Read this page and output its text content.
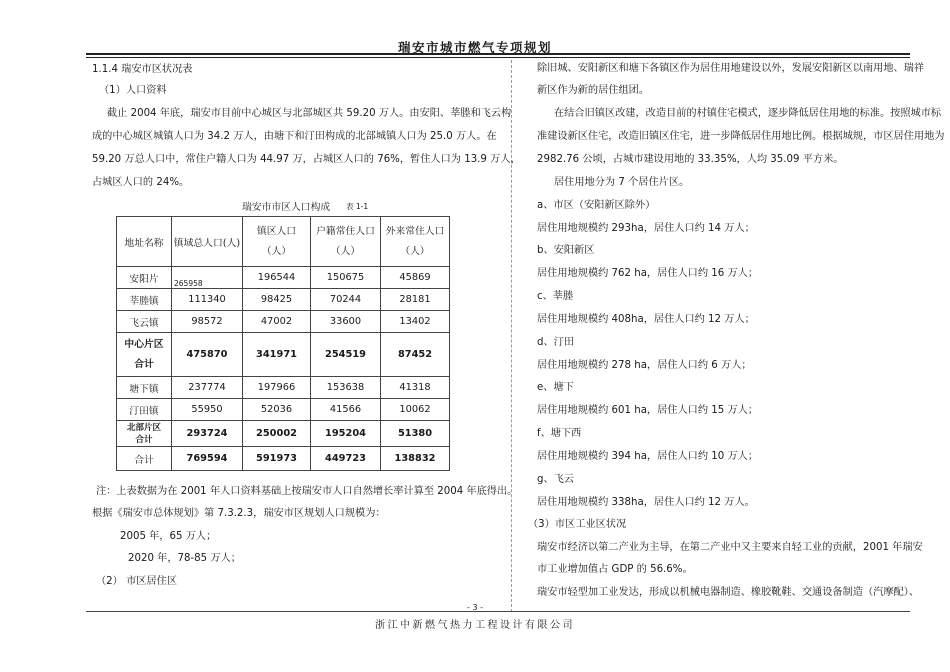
瑞安市城市燃气专项规划
1.1.4 瑞安市区状况表
（1）人口资料
截止 2004 年底，瑞安市目前中心城区与北部城区共 59.20 万人。由安阳、莘塍和飞云构
成的中心城区城镇人口为 34.2 万人，由塘下和汀田构成的北部城镇人口为 25.0 万人。在
59.20 万总人口中，常住户籍人口为 44.97 万，占城区人口的 76%，暂住人口为 13.9 万人，
占城区人口的 24%。
瑞安市市区人口构成 表 1-1
地址名称	镇域总人口(人)	镇区人口
（人）	户籍常住人口
（人）	外来常住人口
（人）

安阳片	265958	196544	150675	45869
莘塍镇	111340	98425	70244	28181
飞云镇	98572	47002	33600	13402

中心片区
合计	475870	341971	254519	87452
塘下镇	237774	197966	153638	41318
汀田镇	55950	52036	41566	10062

北部片区
合计	293724	250002	195204	51380
合计	769594	591973	449723	138832
注：上表数据为在 2001 年人口资料基础上按瑞安市人口自然增长率计算至 2004 年底得出。
根据《瑞安市总体规划》第 7.3.2.3，瑞安市区规划人口规模为：
2005 年，65 万人；
2020 年，78-85 万人；
（2） 市区居住区
除旧城、安阳新区和塘下各镇区作为居住用地建设以外，发展安阳新区以南用地、瑞祥
新区作为新的居住组团。
在结合旧镇区改建，改造目前的村镇住宅模式，逐步降低居住用地的标准。按照城市标
准建设新区住宅，改造旧镇区住宅，进一步降低居住用地比例。根据城规，市区居住用地为
2982.76 公顷，占城市建设用地的 33.35%，人均 35.09 平方米。
居住用地分为 7 个居住片区。
a、市区（安阳新区除外）
居住用地规模约 293ha，居住人口约 14 万人；
b、安阳新区
居住用地规模约 762 ha，居住人口约 16 万人；
c、莘塍
居住用地规模约 408ha，居住人口约 12 万人；
d、汀田
居住用地规模约 278 ha，居住人口约 6 万人；
e、塘下
居住用地规模约 601 ha，居住人口约 15 万人；
f、塘下西
居住用地规模约 394 ha，居住人口约 10 万人；
g、飞云
居住用地规模约 338ha，居住人口约 12 万人。
（3）市区工业区状况
瑞安市经济以第二产业为主导，在第二产业中又主要来自轻工业的贡献，2001 年瑞安
市工业增加值占 GDP 的 56.6%。
瑞安市轻型加工业发达，形成以机械电器制造、橡胶靴鞋、交通设备制造（汽摩配）、
- 3 -
浙江中新燃气热力工程设计有限公司
